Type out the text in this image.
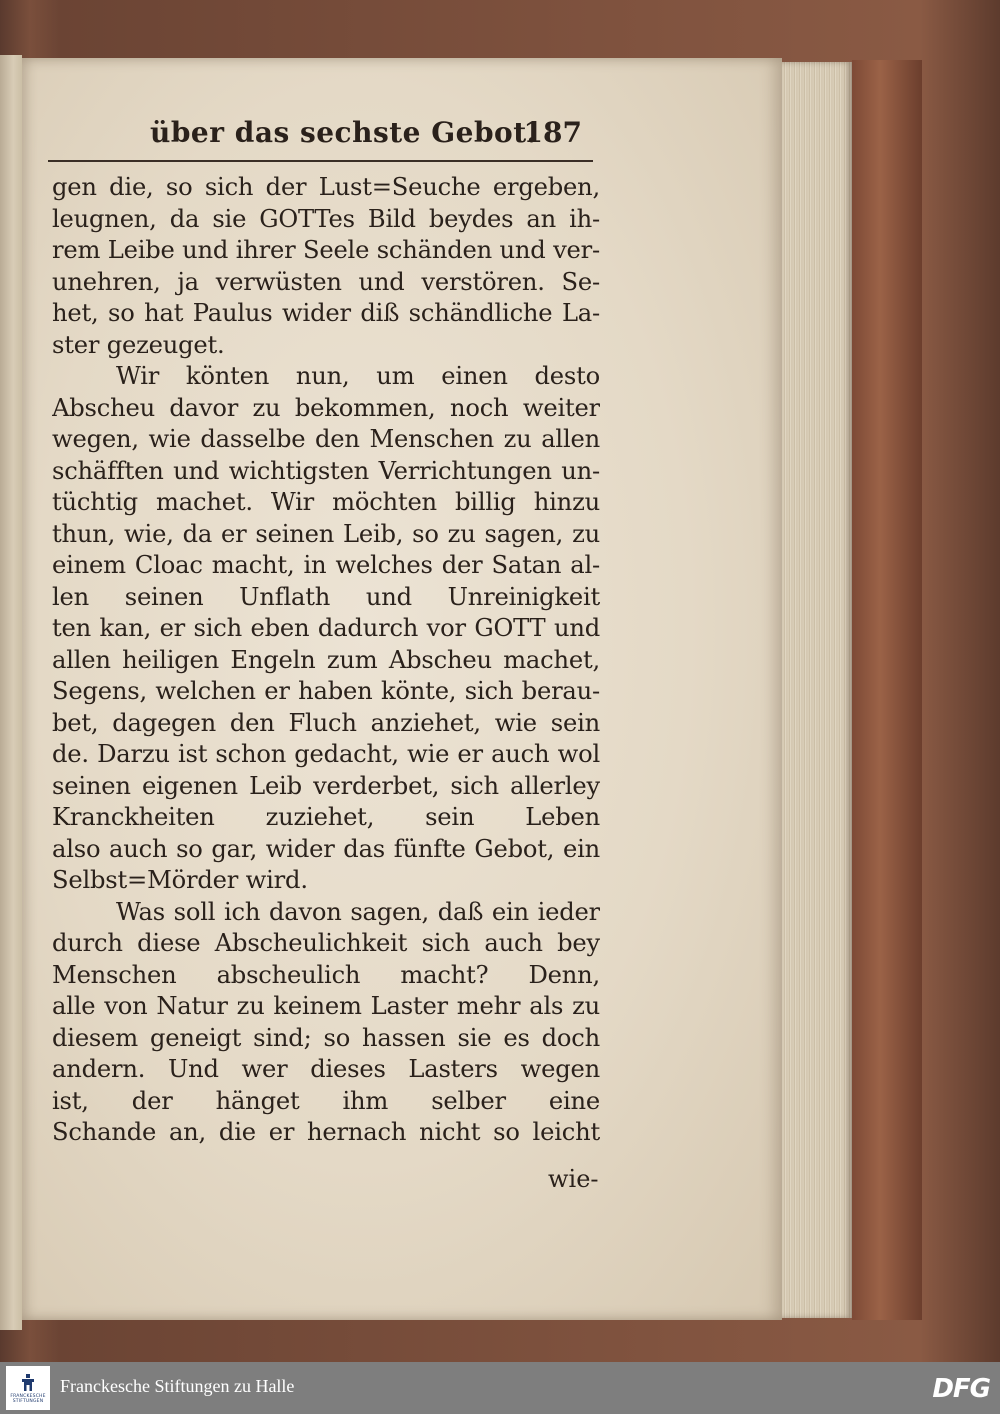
über das sechste Gebot.
187
gen die, so sich der Lust=Seuche ergeben,
leugnen, da sie GOTTes Bild beydes an ih-
rem Leibe und ihrer Seele schänden und ver-
unehren, ja verwüsten und verstören. Se-
het, so hat Paulus wider diß schändliche La-
ster gezeuget.
Wir könten nun, um einen desto
Abscheu davor zu bekommen, noch weiter
wegen, wie dasselbe den Menschen zu allen
schäfften und wichtigsten Verrichtungen un-
tüchtig machet. Wir möchten billig hinzu
thun, wie, da er seinen Leib, so zu sagen, zu
einem Cloac macht, in welches der Satan al-
len seinen Unflath und Unreinigkeit
ten kan, er sich eben dadurch vor GOTT und
allen heiligen Engeln zum Abscheu machet,
Segens, welchen er haben könte, sich berau-
bet, dagegen den Fluch anziehet, wie sein
de. Darzu ist schon gedacht, wie er auch wol
seinen eigenen Leib verderbet, sich allerley
Kranckheiten zuziehet, sein Leben
also auch so gar, wider das fünfte Gebot, ein
Selbst=Mörder wird.
Was soll ich davon sagen, daß ein ieder
durch diese Abscheulichkeit sich auch bey
Menschen abscheulich macht? Denn,
alle von Natur zu keinem Laster mehr als zu
diesem geneigt sind; so hassen sie es doch
andern. Und wer dieses Lasters wegen
ist, der hänget ihm selber eine
Schande an, die er hernach nicht so leicht
wie-
FRANCKESCHE
STIFTUNGEN
Franckesche Stiftungen zu Halle	DFG
